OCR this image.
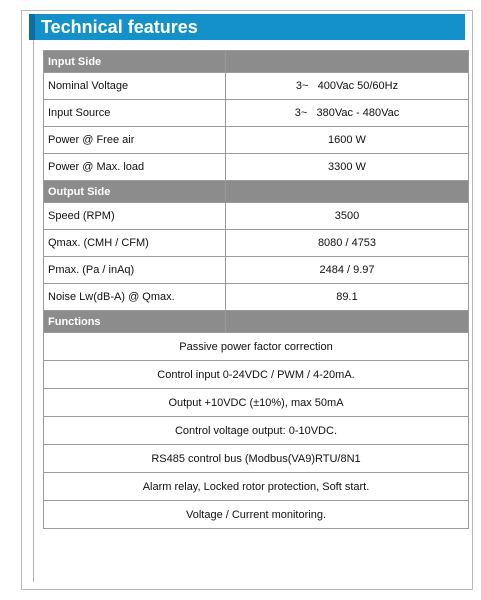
Technical features
Input Side	
Nominal Voltage	3~   400Vac 50/60Hz
Input Source	3~   380Vac - 480Vac
Power @ Free air	1600 W
Power @ Max. load	3300 W
Output Side	
Speed (RPM)	3500
Qmax. (CMH / CFM)	8080 / 4753
Pmax. (Pa / inAq)	2484 / 9.97
Noise Lw(dB-A) @ Qmax.	89.1
Functions	
Passive power factor correction	
Control input 0-24VDC / PWM / 4-20mA.	
Output +10VDC (±10%), max 50mA	
Control voltage output: 0-10VDC.	
RS485 control bus (Modbus(VA9)RTU/8N1	
Alarm relay, Locked rotor protection, Soft start.	
Voltage / Current monitoring.	
